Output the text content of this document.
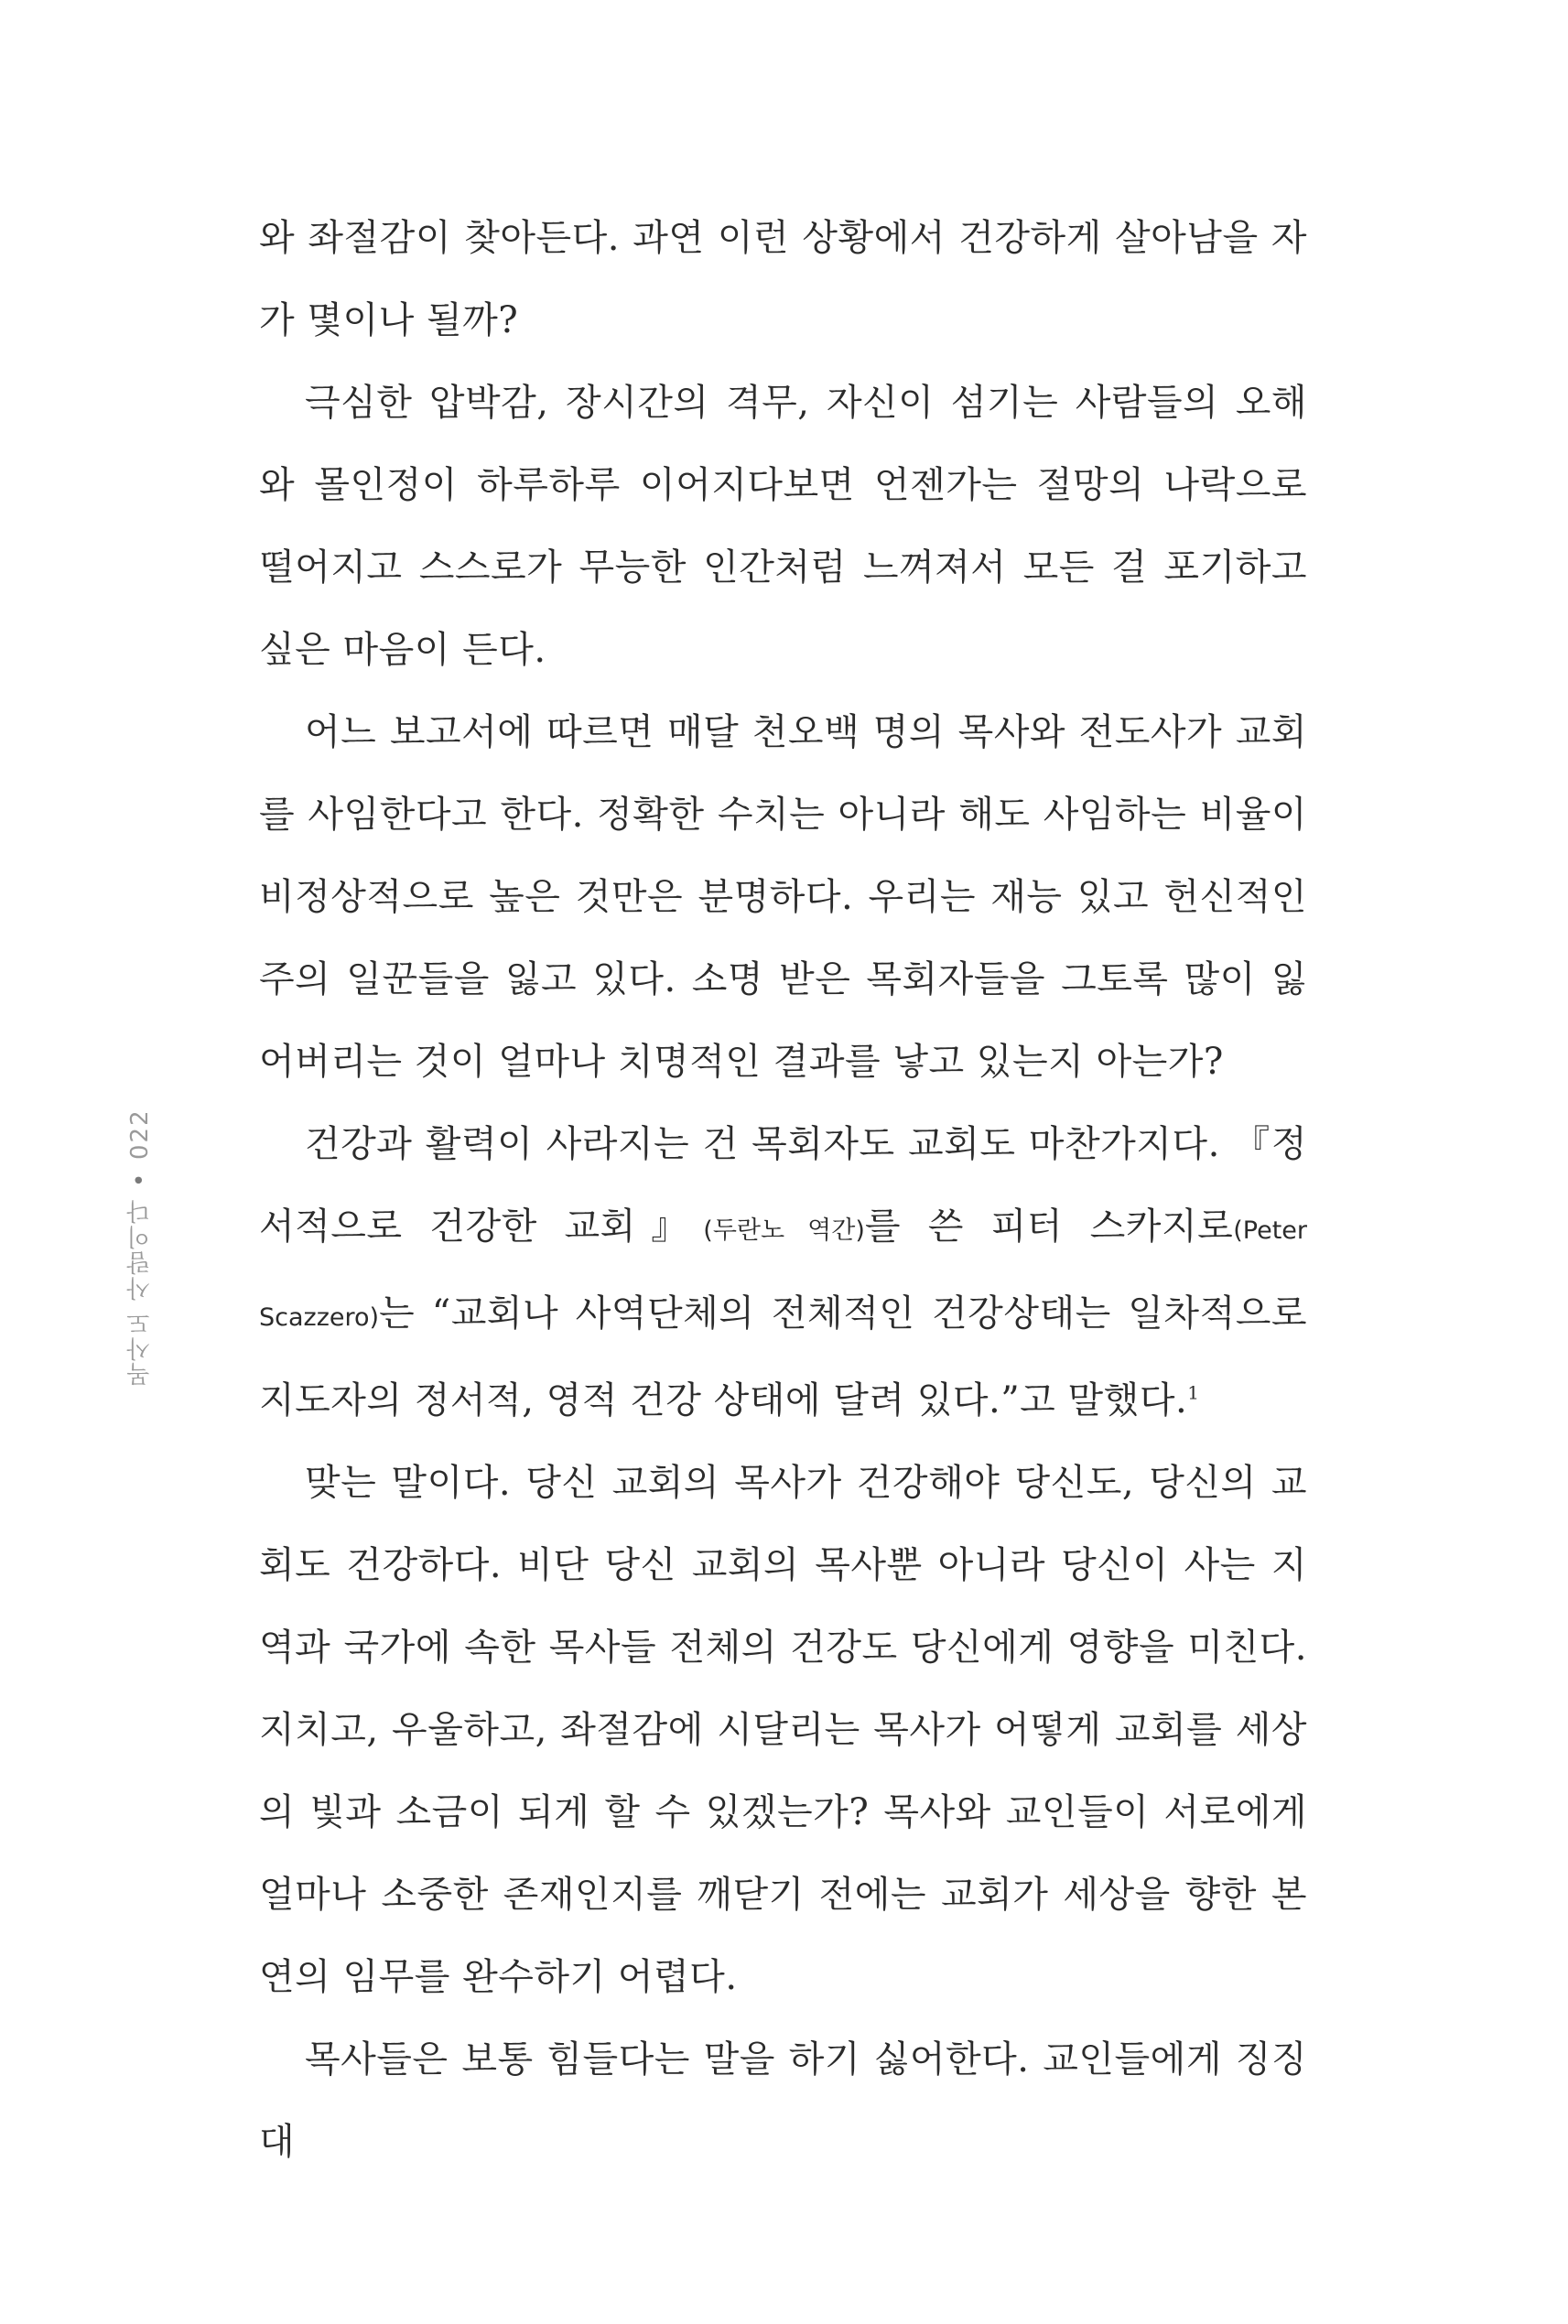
목사도 사람이다
•
022

와 좌절감이 찾아든다. 과연 이런 상황에서 건강하게 살아남을 자가 몇이나 될까?

극심한 압박감, 장시간의 격무, 자신이 섬기는 사람들의 오해와 몰인정이 하루하루 이어지다보면 언젠가는 절망의 나락으로 떨어지고 스스로가 무능한 인간처럼 느껴져서 모든 걸 포기하고 싶은 마음이 든다.

어느 보고서에 따르면 매달 천오백 명의 목사와 전도사가 교회를 사임한다고 한다. 정확한 수치는 아니라 해도 사임하는 비율이 비정상적으로 높은 것만은 분명하다. 우리는 재능 있고 헌신적인 주의 일꾼들을 잃고 있다. 소명 받은 목회자들을 그토록 많이 잃어버리는 것이 얼마나 치명적인 결과를 낳고 있는지 아는가?

건강과 활력이 사라지는 건 목회자도 교회도 마찬가지다. 『정서적으로 건강한 교회』(두란노 역간)를 쓴 피터 스카지로(Peter Scazzero)는 “교회나 사역단체의 전체적인 건강상태는 일차적으로 지도자의 정서적, 영적 건강 상태에 달려 있다.”고 말했다.$^1$

맞는 말이다. 당신 교회의 목사가 건강해야 당신도, 당신의 교회도 건강하다. 비단 당신 교회의 목사뿐 아니라 당신이 사는 지역과 국가에 속한 목사들 전체의 건강도 당신에게 영향을 미친다. 지치고, 우울하고, 좌절감에 시달리는 목사가 어떻게 교회를 세상의 빛과 소금이 되게 할 수 있겠는가? 목사와 교인들이 서로에게 얼마나 소중한 존재인지를 깨닫기 전에는 교회가 세상을 향한 본연의 임무를 완수하기 어렵다.

목사들은 보통 힘들다는 말을 하기 싫어한다. 교인들에게 징징대
